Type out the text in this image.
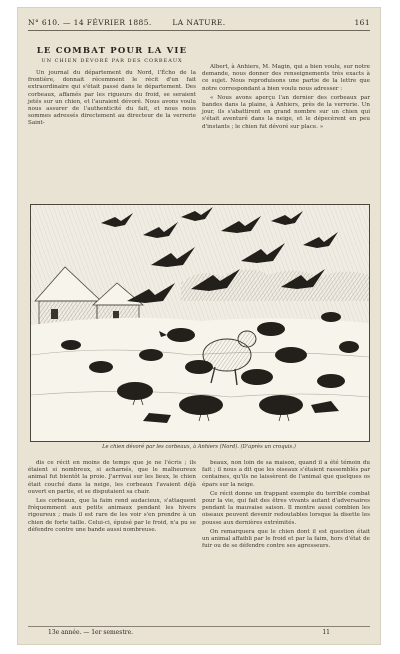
N° 610. — 14 FÉVRIER 1885.	LA NATURE.	161
LE COMBAT POUR LA VIE
UN CHIEN DÉVORÉ PAR DES CORBEAUX

Un journal du département du Nord, l'Écho de la frontière, donnait récemment le récit d'un fait extraordinaire qui s'était passé dans le département. Des corbeaux, affamés par les rigueurs du froid, se seraient jetés sur un chien, et l'auraient dévoré. Nous avons voulu nous assurer de l'authenticité du fait, et nous nous sommes adressés directement au directeur de la verrerie Saint-

Albert, à Anhiers, M. Magin, qui a bien voulu, sur notre demande, nous donner des renseignements très exacts à ce sujet. Nous reproduisons une partie de la lettre que notre correspondant a bien voulu nous adresser :

« Nous avons aperçu l'an dernier des corbeaux par bandes dans la plaine, à Anhiers, près de la verrerie. Un jour, ils s'abattirent en grand nombre sur un chien qui s'était aventuré dans la neige, et le dépecèrent en peu d'instants ; le chien fut dévoré sur place. »

Le chien dévoré par les corbeaux, à Anhiers (Nord). (D'après un croquis.)

dis ce récit en moins de temps que je ne l'écris ; ils étaient si nombreux, si acharnés, que le malheureux animal fut bientôt la proie. J'arrivai sur les lieux, le chien était couché dans la neige, les corbeaux l'avaient déjà ouvert en partie, et se disputaient sa chair.

Les corbeaux, que la faim rend audacieux, s'attaquent fréquemment aux petits animaux pendant les hivers rigoureux ; mais il est rare de les voir s'en prendre à un chien de forte taille. Celui-ci, épuisé par le froid, n'a pu se défendre contre une bande aussi nombreuse.

beaux, non loin de sa maison, quand il a été témoin du fait ; il nous a dit que les oiseaux s'étaient rassemblés par centaines, qu'ils ne laissèrent de l'animal que quelques os épars sur la neige.

Ce récit donne un frappant exemple du terrible combat pour la vie, qui fait des êtres vivants autant d'adversaires pendant la mauvaise saison. Il montre aussi combien les oiseaux peuvent devenir redoutables lorsque la disette les pousse aux dernières extrémités.

On remarquera que le chien dont il est question était un animal affaibli par le froid et par la faim, hors d'état de fuir ou de se défendre contre ses agresseurs.

13e année. — 1er semestre.	11
